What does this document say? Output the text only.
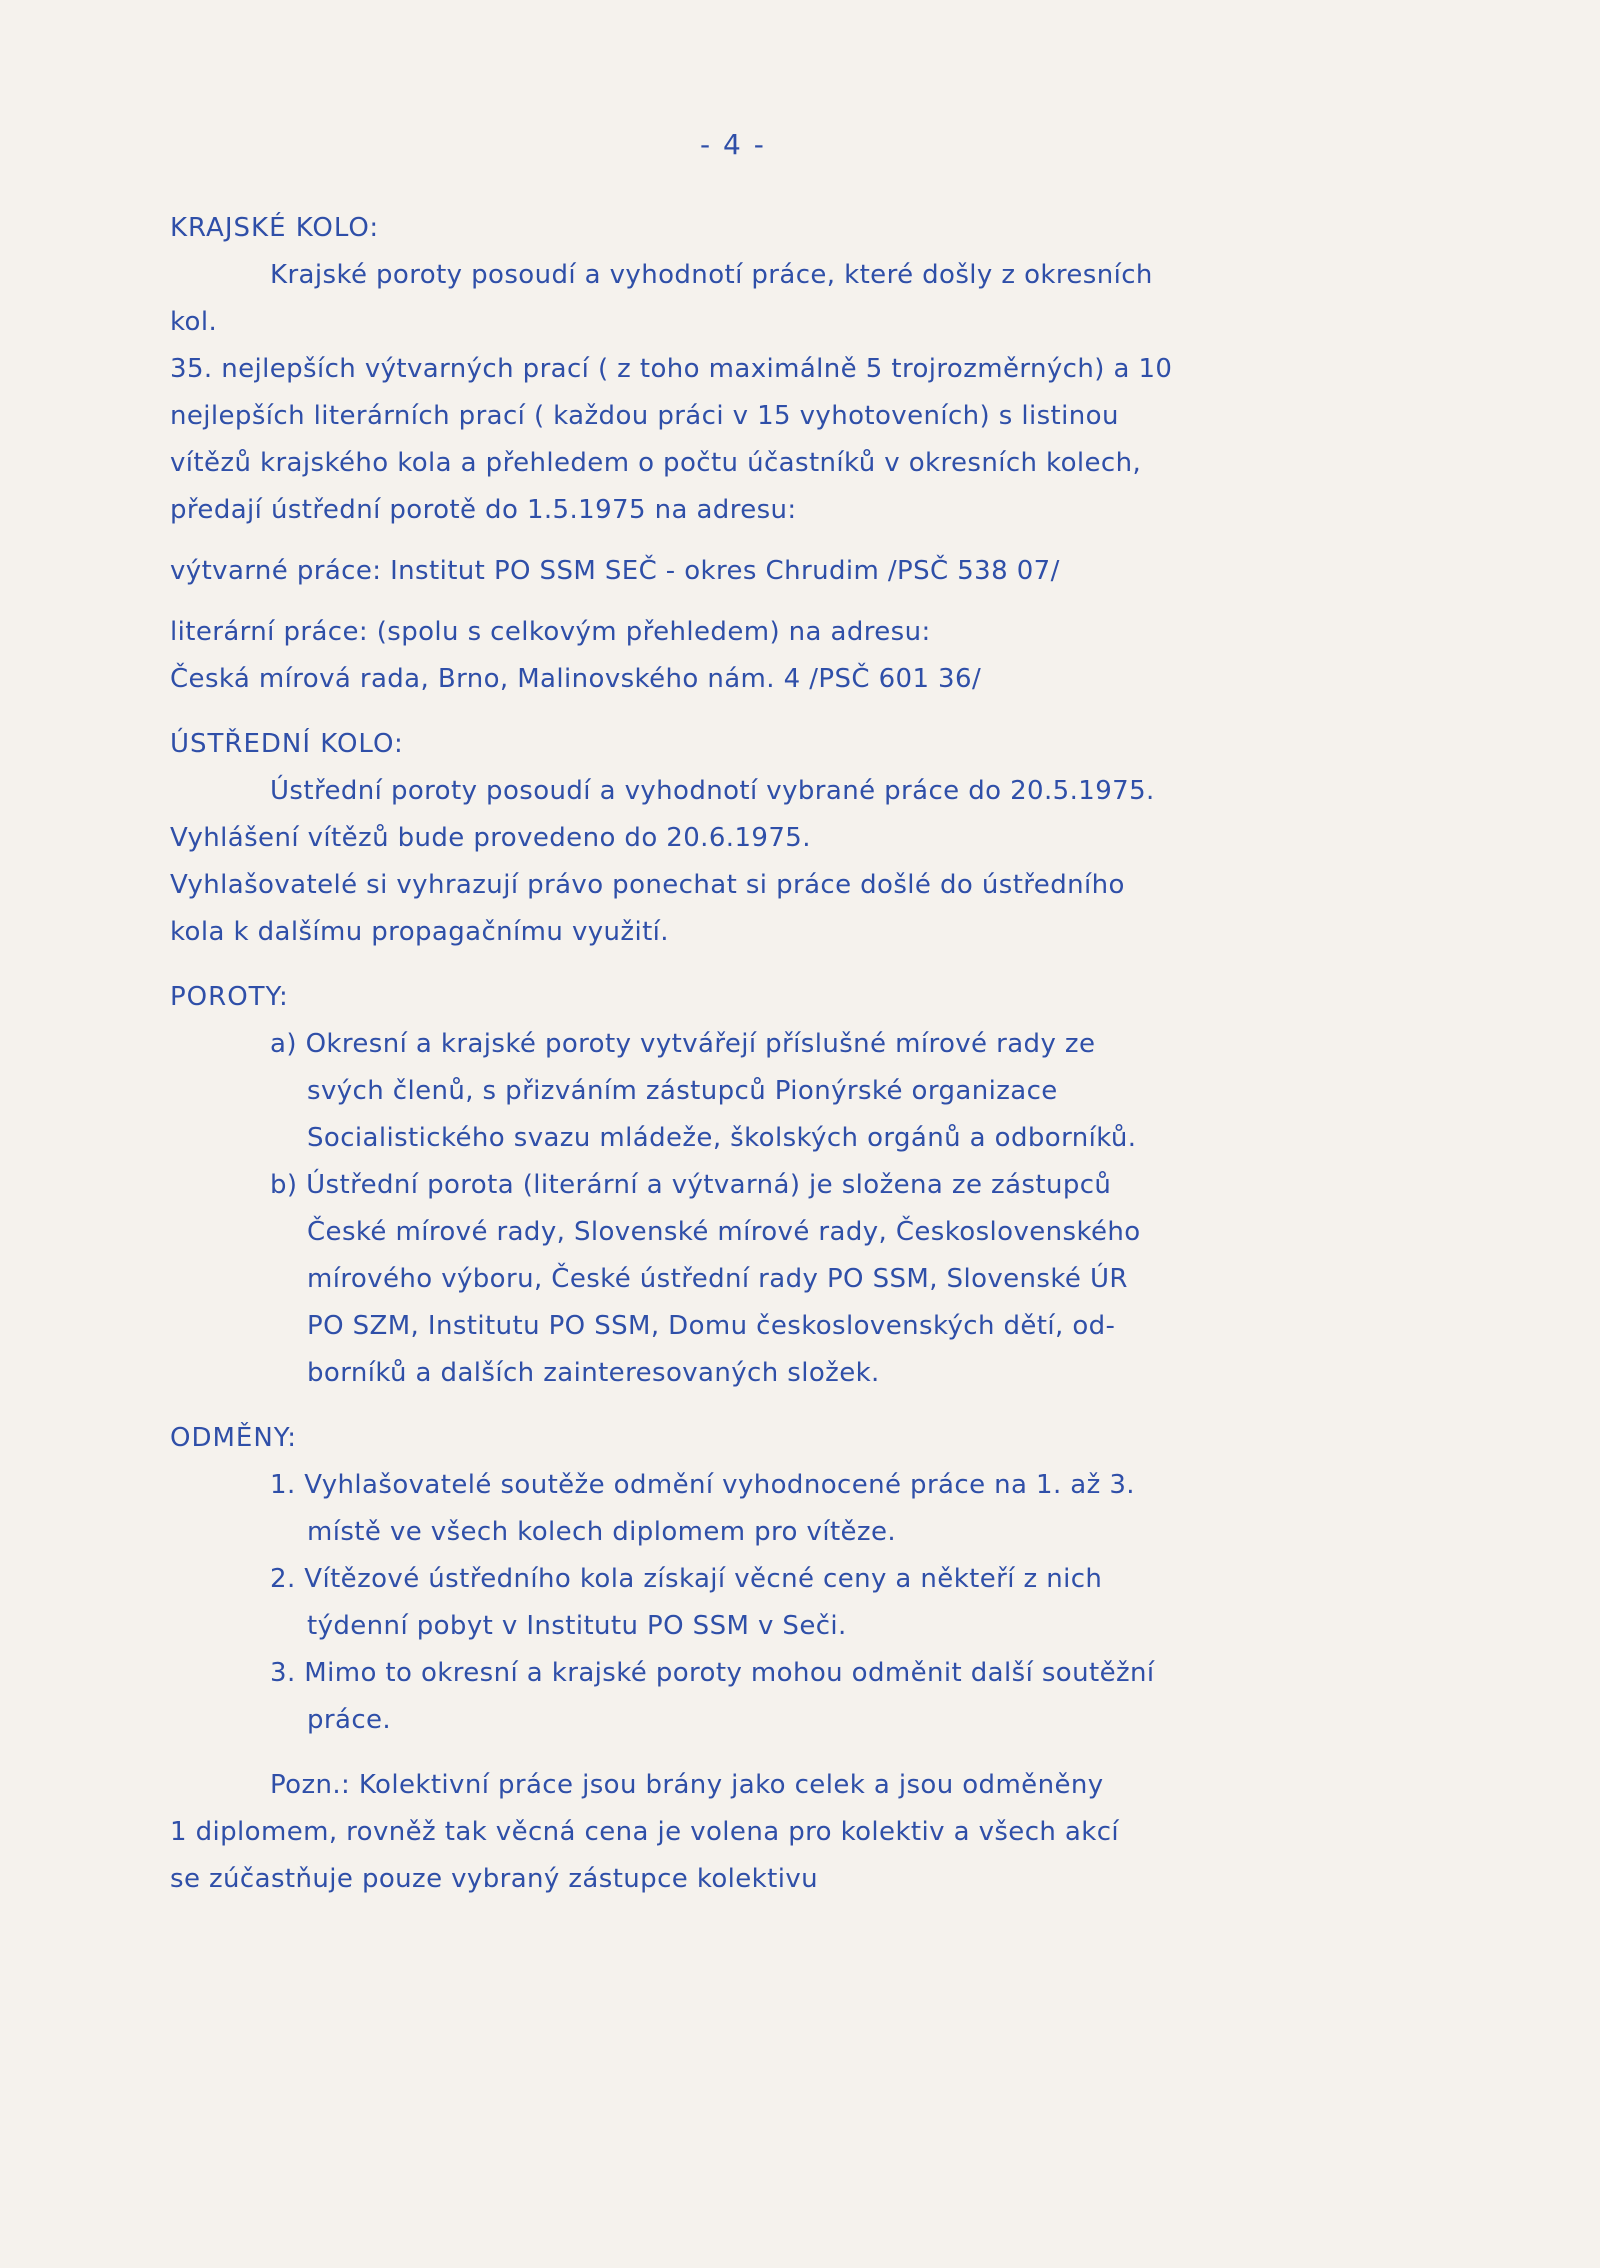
- 4 -
KRAJSKÉ KOLO:
Krajské poroty posoudí a vyhodnotí práce, které došly z okresních
kol.
35. nejlepších výtvarných prací ( z toho maximálně 5 trojrozměrných) a 10
nejlepších literárních prací ( každou práci v 15 vyhotoveních) s listinou
vítězů krajského kola a přehledem o počtu účastníků v okresních kolech,
předají ústřední porotě do 1.5.1975 na adresu:
výtvarné práce: Institut PO SSM SEČ - okres Chrudim /PSČ 538 07/
literární práce: (spolu s celkovým přehledem) na adresu:
Česká mírová rada, Brno, Malinovského nám. 4 /PSČ 601 36/
ÚSTŘEDNÍ KOLO:
Ústřední poroty posoudí a vyhodnotí vybrané práce do 20.5.1975.
Vyhlášení vítězů bude provedeno do 20.6.1975.
Vyhlašovatelé si vyhrazují právo ponechat si práce došlé do ústředního
kola k dalšímu propagačnímu využití.
POROTY:
a) Okresní a krajské poroty vytvářejí příslušné mírové rady ze
svých členů, s přizváním zástupců Pionýrské organizace
Socialistického svazu mládeže, školských orgánů a odborníků.
b) Ústřední porota (literární a výtvarná) je složena ze zástupců
České mírové rady, Slovenské mírové rady, Československého
mírového výboru, České ústřední rady PO SSM, Slovenské ÚR
PO SZM, Institutu PO SSM, Domu československých dětí, od-
borníků a dalších zainteresovaných složek.
ODMĚNY:
1. Vyhlašovatelé soutěže odmění vyhodnocené práce na 1. až 3.
místě ve všech kolech diplomem pro vítěze.
2. Vítězové ústředního kola získají věcné ceny a někteří z nich
týdenní pobyt v Institutu PO SSM v Seči.
3. Mimo to okresní a krajské poroty mohou odměnit další soutěžní
práce.
Pozn.: Kolektivní práce jsou brány jako celek a jsou odměněny
1 diplomem, rovněž tak věcná cena je volena pro kolektiv a všech akcí
se zúčastňuje pouze vybraný zástupce kolektivu
